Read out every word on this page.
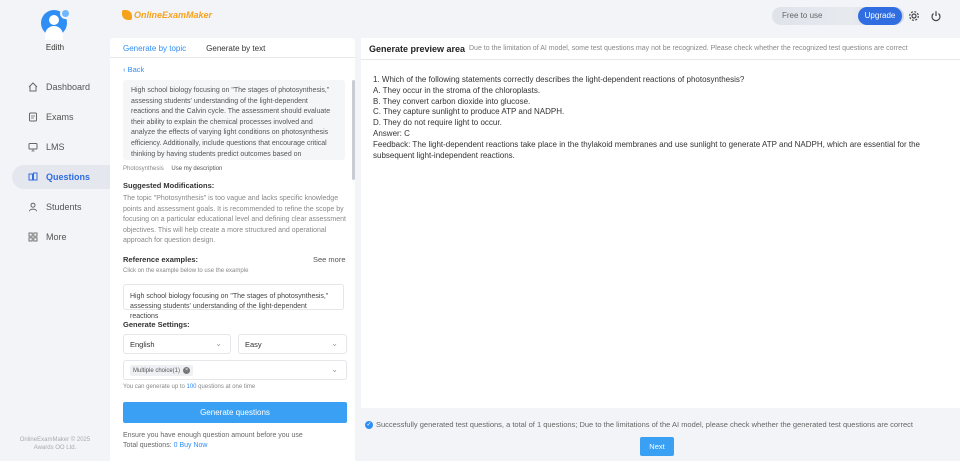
Edith
Dashboard
Exams
LMS
Questions
Students
More
OnlineExamMaker © 2025
Awards OO Ltd.
OnlineExamMaker	Free to use	Upgrade
Generate by topic	Generate by text
‹ Back
High school biology focusing on "The stages of photosynthesis," assessing students' understanding of the light-dependent reactions and the Calvin cycle. The assessment should evaluate their ability to explain the chemical processes involved and analyze the effects of varying light conditions on photosynthesis efficiency. Additionally, include questions that encourage critical thinking by having students predict outcomes based on
Photosynthesis Use my description
Suggested Modifications:
The topic "Photosynthesis" is too vague and lacks specific knowledge points and assessment goals. It is recommended to refine the scope by focusing on a particular educational level and defining clear assessment objectives. This will help create a more structured and operational approach for question design.
Reference examples:	See more
Click on the example below to use the example
High school biology focusing on "The stages of photosynthesis," assessing students' understanding of the light-dependent reactions
Generate Settings:
English	⌄	Easy	⌄
Multiple choice(1) ×	⌄
You can generate up to 100 questions at one time
Generate questions
Ensure you have enough question amount before you use
Total questions: 0 Buy Now
Generate preview area Due to the limitation of AI model, some test questions may not be recognized. Please check whether the recognized test questions are correct
1. Which of the following statements correctly describes the light-dependent reactions of photosynthesis?
A. They occur in the stroma of the chloroplasts.
B. They convert carbon dioxide into glucose.
C. They capture sunlight to produce ATP and NADPH.
D. They do not require light to occur.
Answer: C
Feedback: The light-dependent reactions take place in the thylakoid membranes and use sunlight to generate ATP and NADPH, which are essential for the subsequent light-independent reactions.
✓ Successfully generated test questions, a total of 1 questions; Due to the limitations of the AI model, please check whether the generated test questions are correct
Next
